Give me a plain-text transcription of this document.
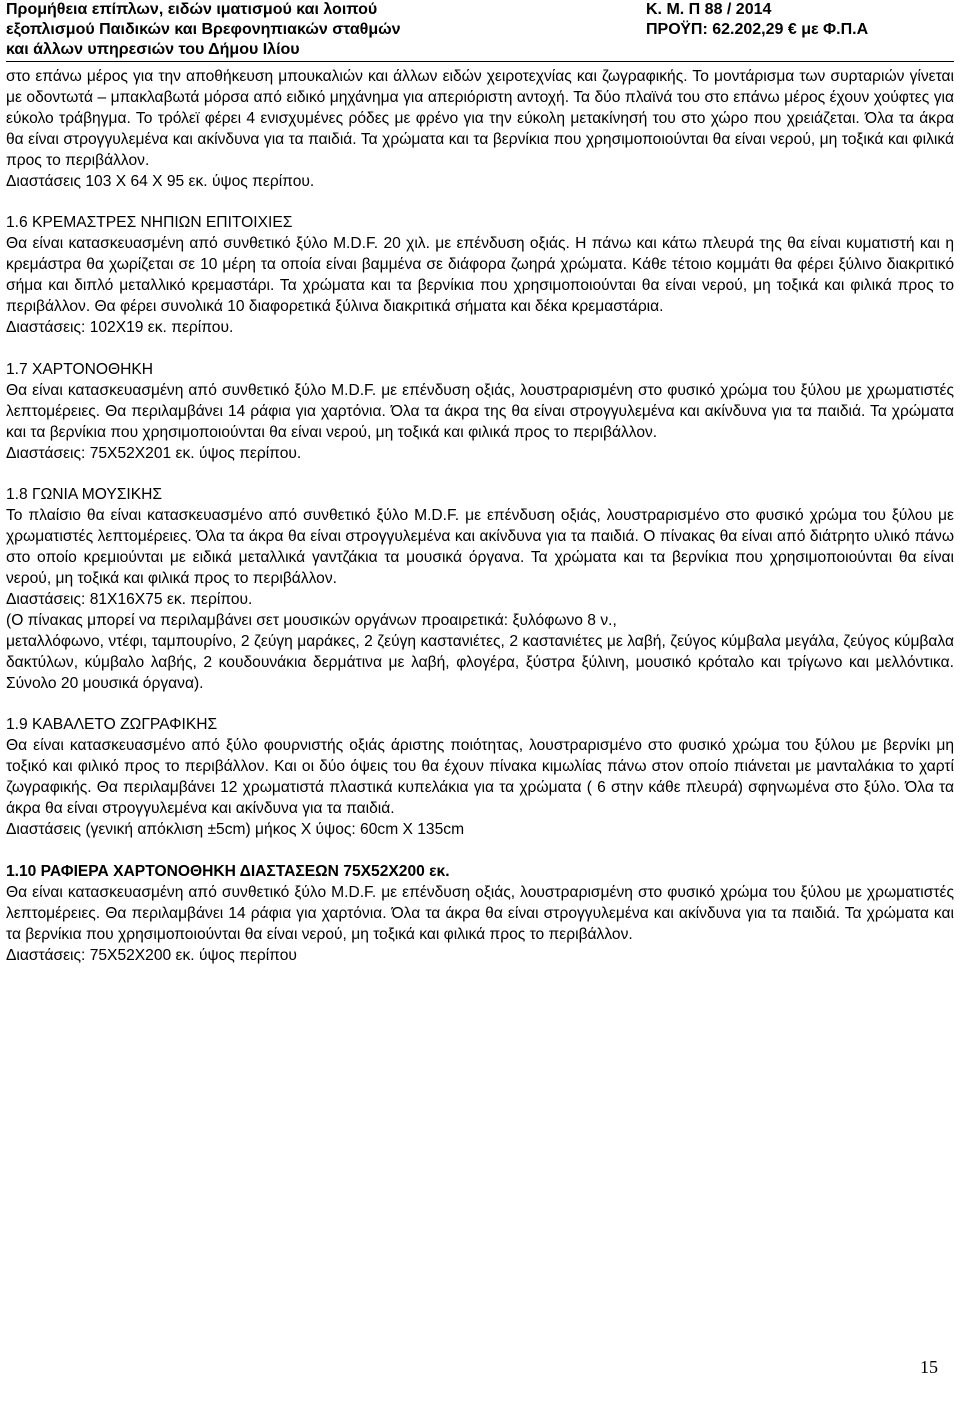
Προμήθεια επίπλων, ειδών ιματισμού και λοιπού
εξοπλισμού Παιδικών και Βρεφονηπιακών σταθμών
και άλλων υπηρεσιών του Δήμου Ιλίου
Κ. Μ. Π 88 / 2014
ΠΡΟΫΠ: 62.202,29 € με Φ.Π.Α

στο επάνω μέρος για την αποθήκευση μπουκαλιών και άλλων ειδών χειροτεχνίας και ζωγραφικής. Το μοντάρισμα των συρταριών γίνεται με οδοντωτά – μπακλαβωτά μόρσα από ειδικό μηχάνημα για απεριόριστη αντοχή. Τα δύο πλαϊνά του στο επάνω μέρος έχουν χούφτες για εύκολο τράβηγμα. Το τρόλεϊ φέρει 4 ενισχυμένες ρόδες με φρένο για την εύκολη μετακίνησή του στο χώρο που χρειάζεται. Όλα τα άκρα θα είναι στρογγυλεμένα και ακίνδυνα για τα παιδιά. Τα χρώματα και τα βερνίκια που χρησιμοποιούνται θα είναι νερού, μη τοξικά και φιλικά προς το περιβάλλον.

Διαστάσεις 103 Χ 64 Χ 95 εκ. ύψος περίπου.

1.6 ΚΡΕΜΑΣΤΡΕΣ ΝΗΠΙΩΝ ΕΠΙΤΟΙΧΙΕΣ

Θα είναι κατασκευασμένη από συνθετικό ξύλο M.D.F. 20 χιλ. με επένδυση οξιάς. Η πάνω και κάτω πλευρά της θα είναι κυματιστή και η κρεμάστρα θα χωρίζεται σε 10 μέρη τα οποία είναι βαμμένα σε διάφορα ζωηρά χρώματα. Κάθε τέτοιο κομμάτι θα φέρει ξύλινο διακριτικό σήμα και διπλό μεταλλικό κρεμαστάρι. Τα χρώματα και τα βερνίκια που χρησιμοποιούνται θα είναι νερού, μη τοξικά και φιλικά προς το περιβάλλον. Θα φέρει συνολικά 10 διαφορετικά ξύλινα διακριτικά σήματα και δέκα κρεμαστάρια.

Διαστάσεις: 102Χ19 εκ. περίπου.

1.7 ΧΑΡΤΟΝΟΘΗΚΗ

Θα είναι κατασκευασμένη από συνθετικό ξύλο M.D.F. με επένδυση οξιάς, λουστραρισμένη στο φυσικό χρώμα του ξύλου με χρωματιστές λεπτομέρειες. Θα περιλαμβάνει 14 ράφια για χαρτόνια. Όλα τα άκρα της θα είναι στρογγυλεμένα και ακίνδυνα για τα παιδιά. Τα χρώματα και τα βερνίκια που χρησιμοποιούνται θα είναι νερού, μη τοξικά και φιλικά προς το περιβάλλον.

Διαστάσεις: 75Χ52Χ201 εκ. ύψος περίπου.

1.8 ΓΩΝΙΑ ΜΟΥΣΙΚΗΣ

Το πλαίσιο θα είναι κατασκευασμένο από συνθετικό ξύλο M.D.F. με επένδυση οξιάς, λουστραρισμένο στο φυσικό χρώμα του ξύλου με χρωματιστές λεπτομέρειες. Όλα τα άκρα θα είναι στρογγυλεμένα και ακίνδυνα για τα παιδιά. Ο πίνακας θα είναι από διάτρητο υλικό πάνω στο οποίο κρεμιούνται με ειδικά μεταλλικά γαντζάκια τα μουσικά όργανα. Τα χρώματα και τα βερνίκια που χρησιμοποιούνται θα είναι νερού, μη τοξικά και φιλικά προς το περιβάλλον.

Διαστάσεις: 81Χ16Χ75 εκ. περίπου.

(Ο πίνακας μπορεί να περιλαμβάνει σετ μουσικών οργάνων προαιρετικά: ξυλόφωνο 8 ν.,

μεταλλόφωνο, ντέφι, ταμπουρίνο, 2 ζεύγη μαράκες, 2 ζεύγη καστανιέτες, 2 καστανιέτες με λαβή, ζεύγος κύμβαλα μεγάλα, ζεύγος κύμβαλα δακτύλων, κύμβαλο λαβής, 2 κουδουνάκια δερμάτινα με λαβή, φλογέρα, ξύστρα ξύλινη, μουσικό κρόταλο και τρίγωνο και μελλόντικα. Σύνολο 20 μουσικά όργανα).

1.9 ΚΑΒΑΛΕΤΟ ΖΩΓΡΑΦΙΚΗΣ

Θα είναι κατασκευασμένο από ξύλο φουρνιστής οξιάς άριστης ποιότητας, λουστραρισμένο στο φυσικό χρώμα του ξύλου με βερνίκι μη τοξικό και φιλικό προς το περιβάλλον. Και οι δύο όψεις του θα έχουν πίνακα κιμωλίας πάνω στον οποίο πιάνεται με μανταλάκια το χαρτί ζωγραφικής. Θα περιλαμβάνει 12 χρωματιστά πλαστικά κυπελάκια για τα χρώματα ( 6 στην κάθε πλευρά) σφηνωμένα στο ξύλο. Όλα τα άκρα θα είναι στρογγυλεμένα και ακίνδυνα για τα παιδιά.

Διαστάσεις (γενική απόκλιση ±5cm) μήκος Χ ύψος: 60cm Χ 135cm

1.10 ΡΑΦΙΕΡΑ ΧΑΡΤΟΝΟΘΗΚΗ ΔΙΑΣΤΑΣΕΩΝ 75Χ52Χ200 εκ.

Θα είναι κατασκευασμένη από συνθετικό ξύλο M.D.F. με επένδυση οξιάς, λουστραρισμένη στο φυσικό χρώμα του ξύλου με χρωματιστές λεπτομέρειες. Θα περιλαμβάνει 14 ράφια για χαρτόνια. Όλα τα άκρα θα είναι στρογγυλεμένα και ακίνδυνα για τα παιδιά. Τα χρώματα και τα βερνίκια που χρησιμοποιούνται θα είναι νερού, μη τοξικά και φιλικά προς το περιβάλλον.

Διαστάσεις: 75Χ52Χ200 εκ. ύψος περίπου

15
